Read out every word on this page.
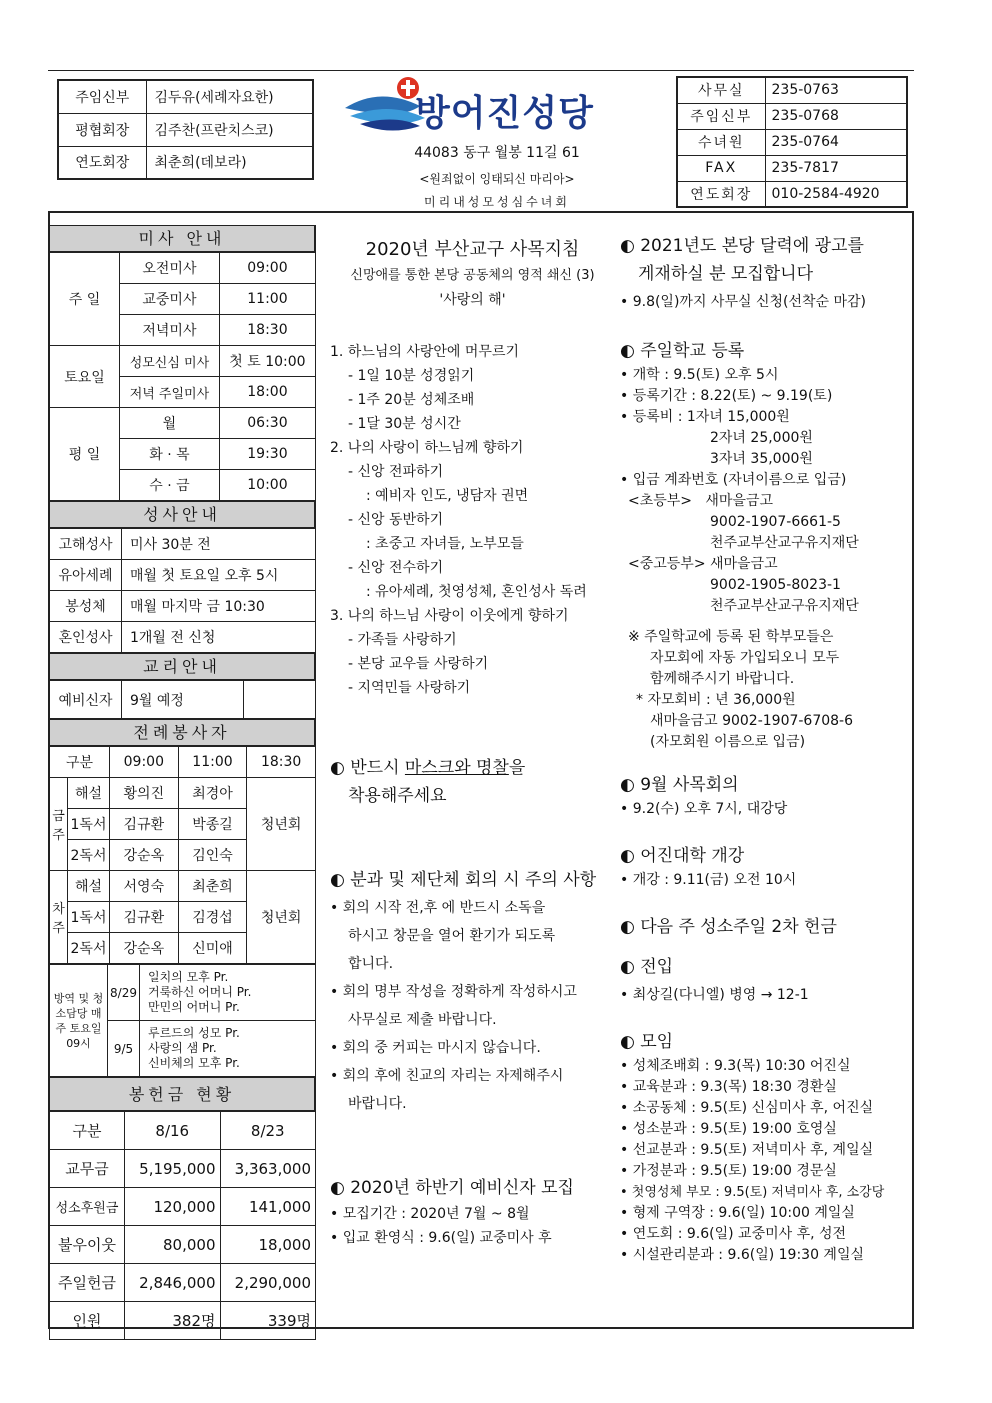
주임신부	김두유(세례자요한)
평협회장	김주찬(프란치스코)
연도회장	최춘희(데보라)
방어진성당
44083 동구 월봉 11길 61
<원죄없이 잉태되신 마리아>
미리내성모성심수녀회
사무실	235-0763
주임신부	235-0768
수녀원	235-0764
FAX	235-7817
연도회장	010-2584-4920
미사 안내
주 일	오전미사	09:00
	교중미사	11:00
	저녁미사	18:30
토요일	성모신심 미사	첫 토 10:00
	저녁 주일미사	18:00
평 일	월	06:30
	화 · 목	19:30
	수 · 금	10:00
성사안내
고해성사	미사 30분 전
유아세례	매월 첫 토요일 오후 5시
봉성체	매월 마지막 금 10:30
혼인성사	1개월 전 신청
교리안내
예비신자	9월 예정	
전례봉사자
구분		09:00	11:00	18:30
금주	해설	황의진	최경아	청년회
	1독서	김규환	박종길	
	2독서	강순옥	김인숙	
차주	해설	서영숙	최춘희	청년회
	1독서	김규환	김경섭	
	2독서	강순옥	신미애	
방역 및 청소담당 매주 토요일 09시	8/29	일치의 모후 Pr.
거룩하신 어머니 Pr.
만민의 어머니 Pr.

	9/5	루르드의 성모 Pr.
사랑의 샘 Pr.
신비체의 모후 Pr.
봉헌금 현황
구분	8/16	8/23
교무금	5,195,000	3,363,000
성소후원금	120,000	141,000
불우이웃	80,000	18,000
주일헌금	2,846,000	2,290,000
인원	382명	339명
2020년 부산교구 사목지침
신망애를 통한 본당 공동체의 영적 쇄신 (3)
'사랑의 해'
1. 하느님의 사랑안에 머무르기
- 1일 10분 성경읽기
- 1주 20분 성체조배
- 1달 30분 성시간
2. 나의 사랑이 하느님께 향하기
- 신앙 전파하기
: 예비자 인도, 냉담자 권면
- 신앙 동반하기
: 초중고 자녀들, 노부모들
- 신앙 전수하기
: 유아세례, 첫영성체, 혼인성사 독려
3. 나의 하느님 사랑이 이웃에게 향하기
- 가족들 사랑하기
- 본당 교우들 사랑하기
- 지역민들 사랑하기
◐ 반드시 마스크와 명찰을
착용해주세요
◐ 분과 및 제단체 회의 시 주의 사항
• 회의 시작 전,후 에 반드시 소독을
하시고 창문을 열어 환기가 되도록
합니다.
• 회의 명부 작성을 정확하게 작성하시고
사무실로 제출 바랍니다.
• 회의 중 커피는 마시지 않습니다.
• 회의 후에 친교의 자리는 자제해주시
바랍니다.
◐ 2020년 하반기 예비신자 모집
• 모집기간 : 2020년 7월 ~ 8월
• 입교 환영식 : 9.6(일) 교중미사 후
◐ 2021년도 본당 달력에 광고를
게재하실 분 모집합니다
• 9.8(일)까지 사무실 신청(선착순 마감)
◐ 주일학교 등록
• 개학 : 9.5(토) 오후 5시
• 등록기간 : 8.22(토) ~ 9.19(토)
• 등록비 : 1자녀 15,000원
2자녀 25,000원
3자녀 35,000원
• 입금 계좌번호 (자녀이름으로 입금)
<초등부>   새마을금고
9002-1907-6661-5
천주교부산교구유지재단
<중고등부> 새마을금고
9002-1905-8023-1
천주교부산교구유지재단
※ 주일학교에 등록 된 학부모들은
자모회에 자동 가입되오니 모두
함께해주시기 바랍니다.
* 자모회비 : 년 36,000원
새마을금고 9002-1907-6708-6
(자모회원 이름으로 입금)
◐ 9월 사목회의
• 9.2(수) 오후 7시, 대강당
◐ 어진대학 개강
• 개강 : 9.11(금) 오전 10시
◐ 다음 주 성소주일 2차 헌금
◐ 전입
• 최상길(다니엘) 병영 → 12-1
◐ 모임
• 성체조배회 : 9.3(목) 10:30 어진실
• 교육분과 : 9.3(목) 18:30 경환실
• 소공동체 : 9.5(토) 신심미사 후, 어진실
• 성소분과 : 9.5(토) 19:00 호영실
• 선교분과 : 9.5(토) 저녁미사 후, 계일실
• 가정분과 : 9.5(토) 19:00 경문실
• 첫영성체 부모 : 9.5(토) 저녁미사 후, 소강당
• 형제 구역장 : 9.6(일) 10:00 계일실
• 연도회 : 9.6(일) 교중미사 후, 성전
• 시설관리분과 : 9.6(일) 19:30 계일실
